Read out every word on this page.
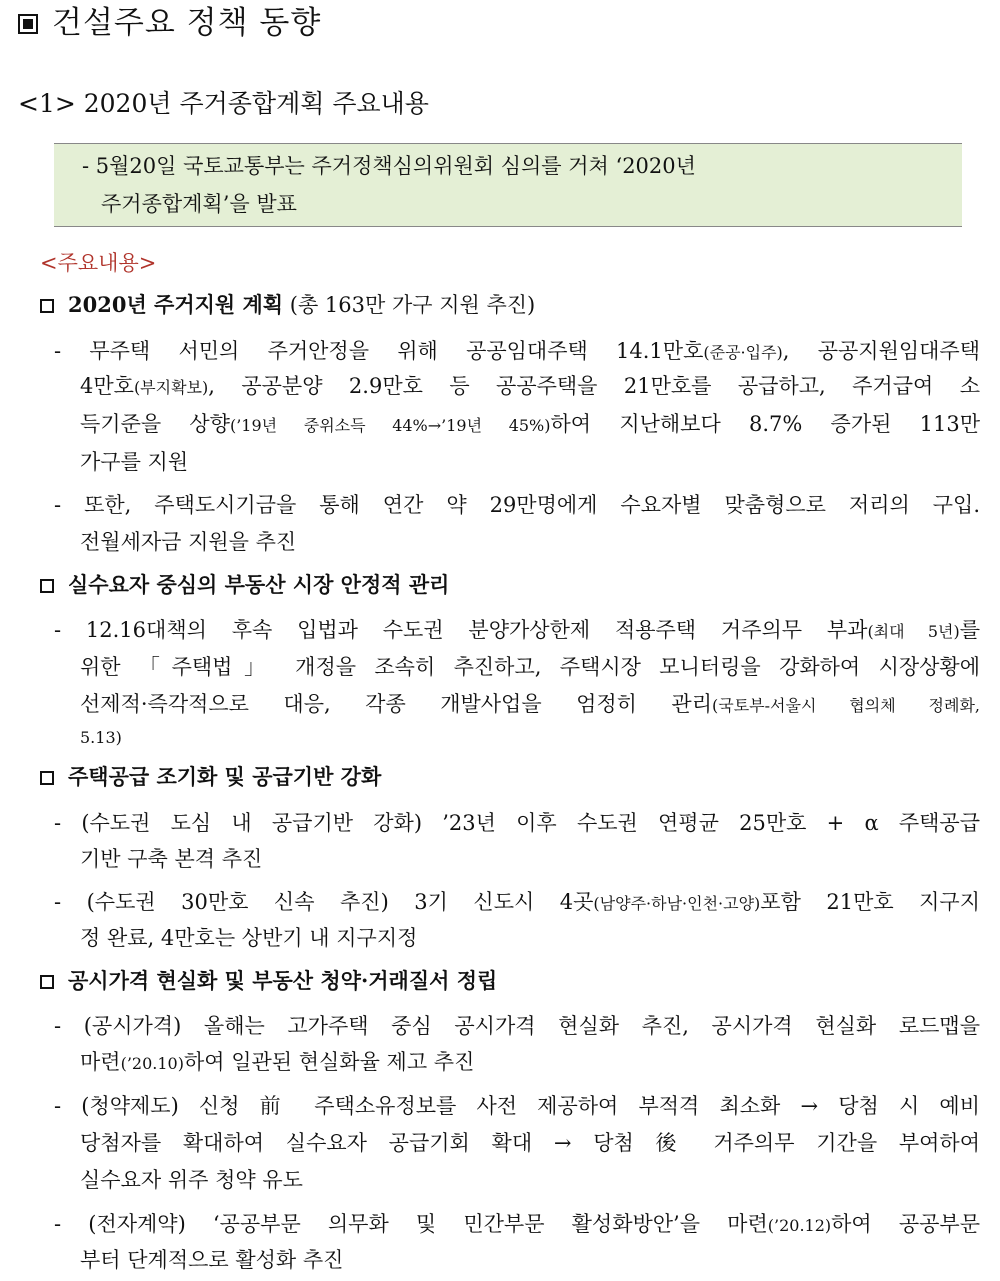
건설주요 정책 동향
<1> 2020년 주거종합계획 주요내용
- 5월20일 국토교통부는 주거정책심의위원회 심의를 거쳐 ‘2020년
주거종합계획’을 발표
<주요내용>
2020년 주거지원 계획 (총 163만 가구 지원 추진)
- 무주택 서민의 주거안정을 위해 공공임대주택 14.1만호(준공·입주), 공공지원임대주택
4만호(부지확보), 공공분양 2.9만호 등 공공주택을 21만호를 공급하고, 주거급여 소
득기준을 상향(’19년 중위소득 44%→’19년 45%)하여 지난해보다 8.7% 증가된 113만
가구를 지원
- 또한, 주택도시기금을 통해 연간 약 29만명에게 수요자별 맞춤형으로 저리의 구입.
전월세자금 지원을 추진
실수요자 중심의 부동산 시장 안정적 관리
- 12.16대책의 후속 입법과 수도권 분양가상한제 적용주택 거주의무 부과(최대 5년)를
위한 「주택법」 개정을 조속히 추진하고, 주택시장 모니터링을 강화하여 시장상황에
선제적·즉각적으로 대응, 각종 개발사업을 엄정히 관리(국토부-서울시 협의체 정례화,
5.13)
주택공급 조기화 및 공급기반 강화
- (수도권 도심 내 공급기반 강화) ’23년 이후 수도권 연평균 25만호 + α 주택공급
기반 구축 본격 추진
- (수도권 30만호 신속 추진) 3기 신도시 4곳(남양주·하남·인천·고양)포함 21만호 지구지
정 완료, 4만호는 상반기 내 지구지정
공시가격 현실화 및 부동산 청약·거래질서 정립
- (공시가격) 올해는 고가주택 중심 공시가격 현실화 추진, 공시가격 현실화 로드맵을
마련(’20.10)하여 일관된 현실화율 제고 추진
- (청약제도) 신청 前 주택소유정보를 사전 제공하여 부적격 최소화 → 당첨 시 예비
당첨자를 확대하여 실수요자 공급기회 확대 → 당첨 後 거주의무 기간을 부여하여
실수요자 위주 청약 유도
- (전자계약) ‘공공부문 의무화 및 민간부문 활성화방안’을 마련(’20.12)하여 공공부문
부터 단계적으로 활성화 추진
